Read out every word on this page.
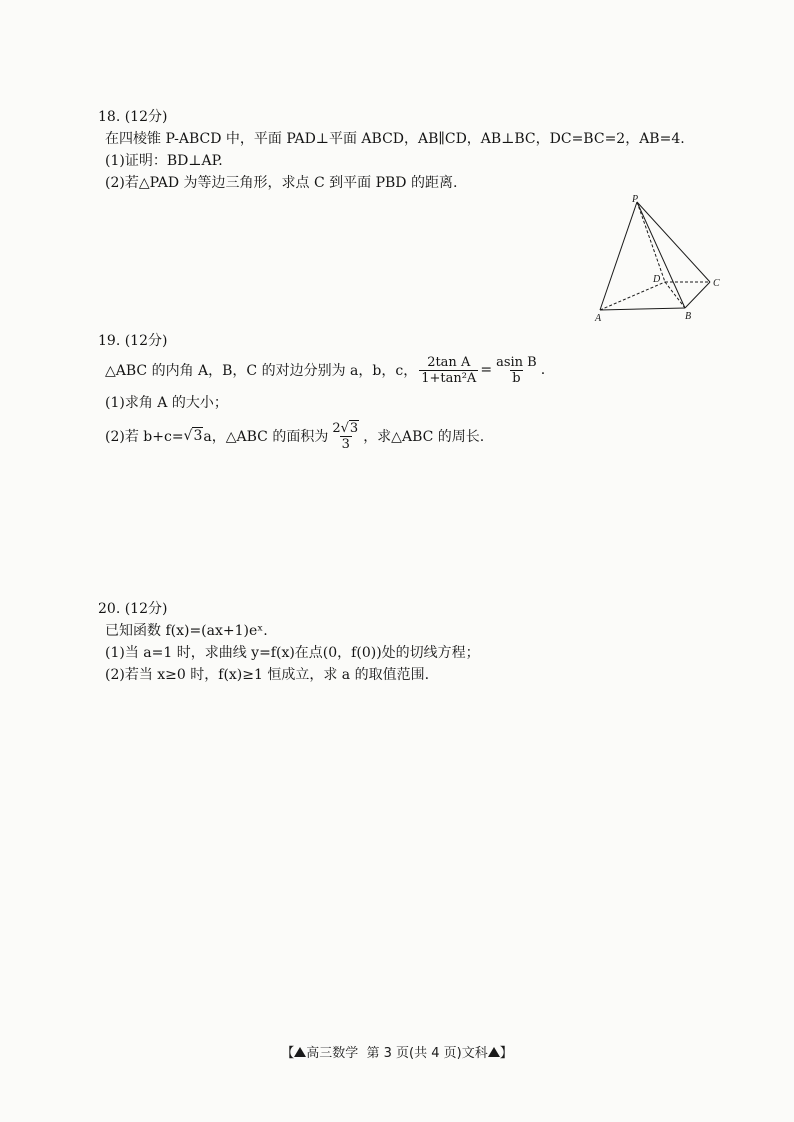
18. (12分)
在四棱锥 P-ABCD 中，平面 PAD⊥平面 ABCD，AB∥CD，AB⊥BC，DC=BC=2，AB=4.
(1)证明：BD⊥AP.
(2)若△PAD 为等边三角形，求点 C 到平面 PBD 的距离.
P
D	C
A	B
19. (12分)
△ABC 的内角 A，B，C 的对边分别为 a，b，c， $\frac{\text{2tan A}}{\text{1+tan²A}} = \frac{\text{asin B}}{b}$ .
(1)求角 A 的大小；
(2)若 b+c= √3 a，△ABC 的面积为 $\frac{2√3}{3}$ ，求△ABC 的周长.
20. (12分)
已知函数 f(x)=(ax+1)eˣ.
(1)当 a=1 时，求曲线 y=f(x)在点(0，f(0))处的切线方程；
(2)若当 x≥0 时，f(x)≥1 恒成立，求 a 的取值范围.
【 高三数学 第 3 页(共 4 页)文科 】
